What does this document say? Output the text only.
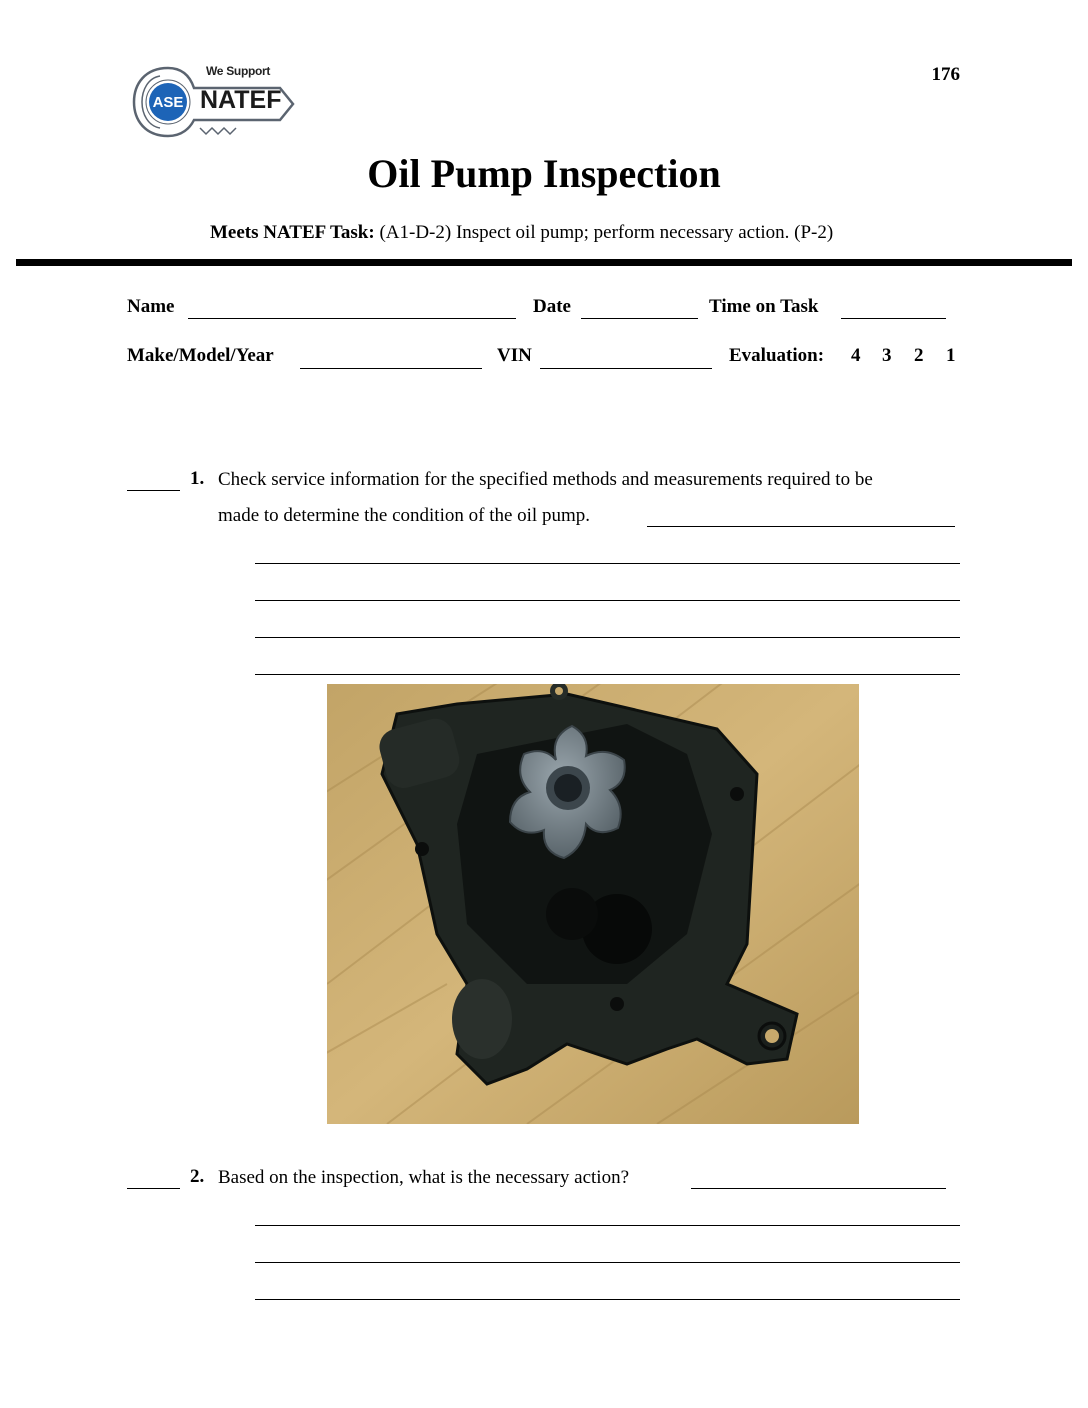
176
ASE
We Support
NATEF
Oil Pump Inspection
Meets NATEF Task: (A1-D-2) Inspect oil pump; perform necessary action. (P-2)
Name	Date	Time on Task
Make/Model/Year	VIN	Evaluation: 4 3 2 1
1. Check service information for the specified methods and measurements required to be
made to determine the condition of the oil pump.
2. Based on the inspection, what is the necessary action?
